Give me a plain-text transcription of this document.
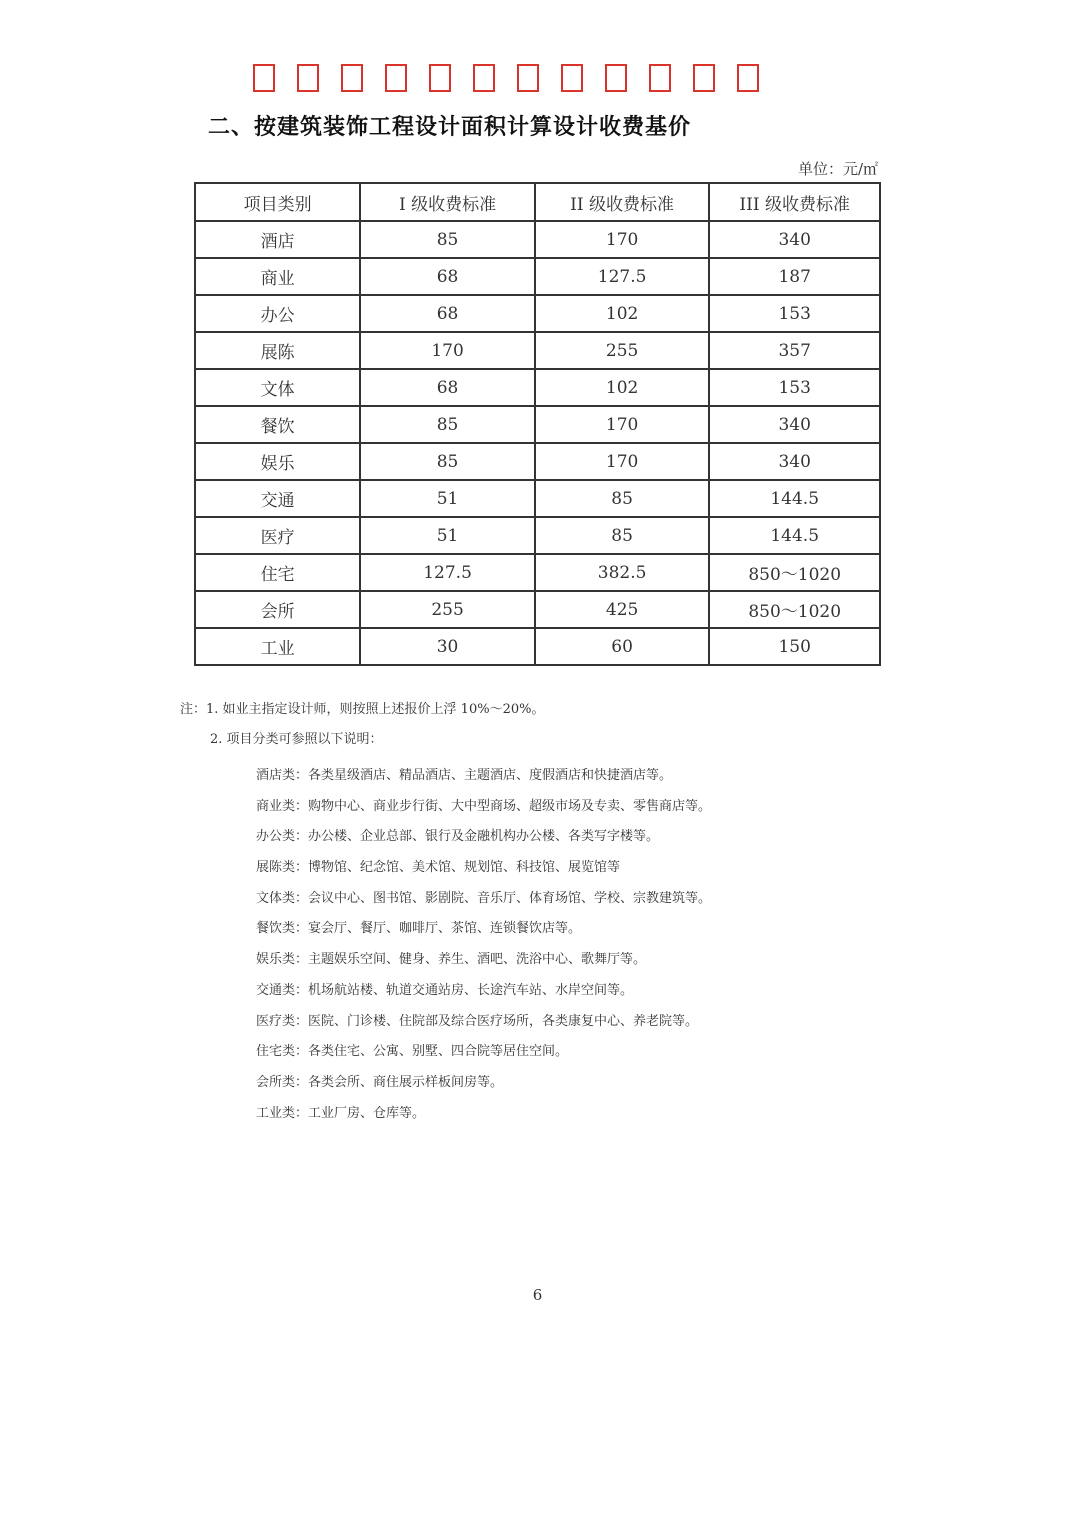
二、按建筑装饰工程设计面积计算设计收费基价
单位：元/㎡
项目类别	I 级收费标准	II 级收费标准	III 级收费标准
酒店	85	170	340
商业	68	127.5	187
办公	68	102	153
展陈	170	255	357
文体	68	102	153
餐饮	85	170	340
娱乐	85	170	340
交通	51	85	144.5
医疗	51	85	144.5
住宅	127.5	382.5	850～1020
会所	255	425	850～1020
工业	30	60	150
注：1. 如业主指定设计师，则按照上述报价上浮 10%～20%。
2. 项目分类可参照以下说明：
酒店类：各类星级酒店、精品酒店、主题酒店、度假酒店和快捷酒店等。
商业类：购物中心、商业步行街、大中型商场、超级市场及专卖、零售商店等。
办公类：办公楼、企业总部、银行及金融机构办公楼、各类写字楼等。
展陈类：博物馆、纪念馆、美术馆、规划馆、科技馆、展览馆等
文体类：会议中心、图书馆、影剧院、音乐厅、体育场馆、学校、宗教建筑等。
餐饮类：宴会厅、餐厅、咖啡厅、茶馆、连锁餐饮店等。
娱乐类：主题娱乐空间、健身、养生、酒吧、洗浴中心、歌舞厅等。
交通类：机场航站楼、轨道交通站房、长途汽车站、水岸空间等。
医疗类：医院、门诊楼、住院部及综合医疗场所，各类康复中心、养老院等。
住宅类：各类住宅、公寓、别墅、四合院等居住空间。
会所类：各类会所、商住展示样板间房等。
工业类：工业厂房、仓库等。
6
